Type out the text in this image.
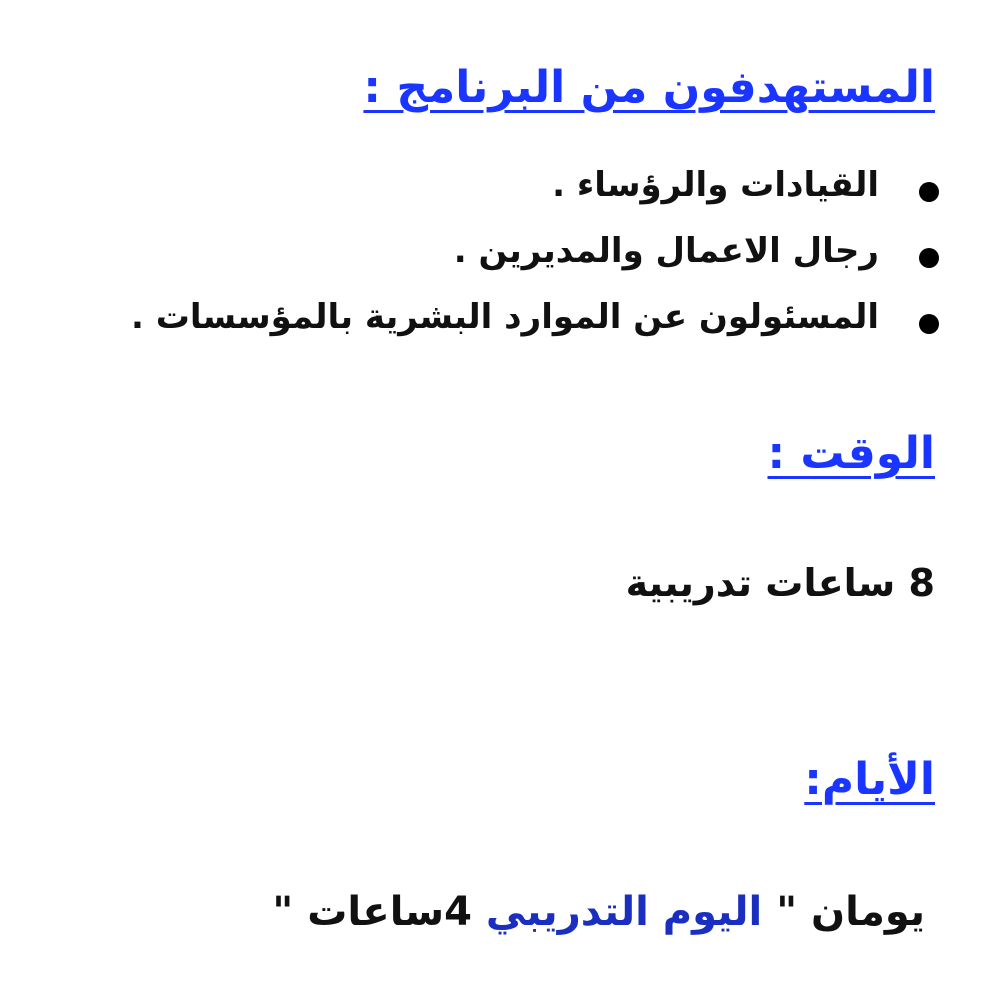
المستهدفون من البرنامج :
القيادات والرؤساء .
رجال الاعمال والمديرين .
المسئولون عن الموارد البشرية بالمؤسسات .
الوقت :

8 ساعات تدريبية

الأيام:

يومان " اليوم التدريبي 4ساعات "
